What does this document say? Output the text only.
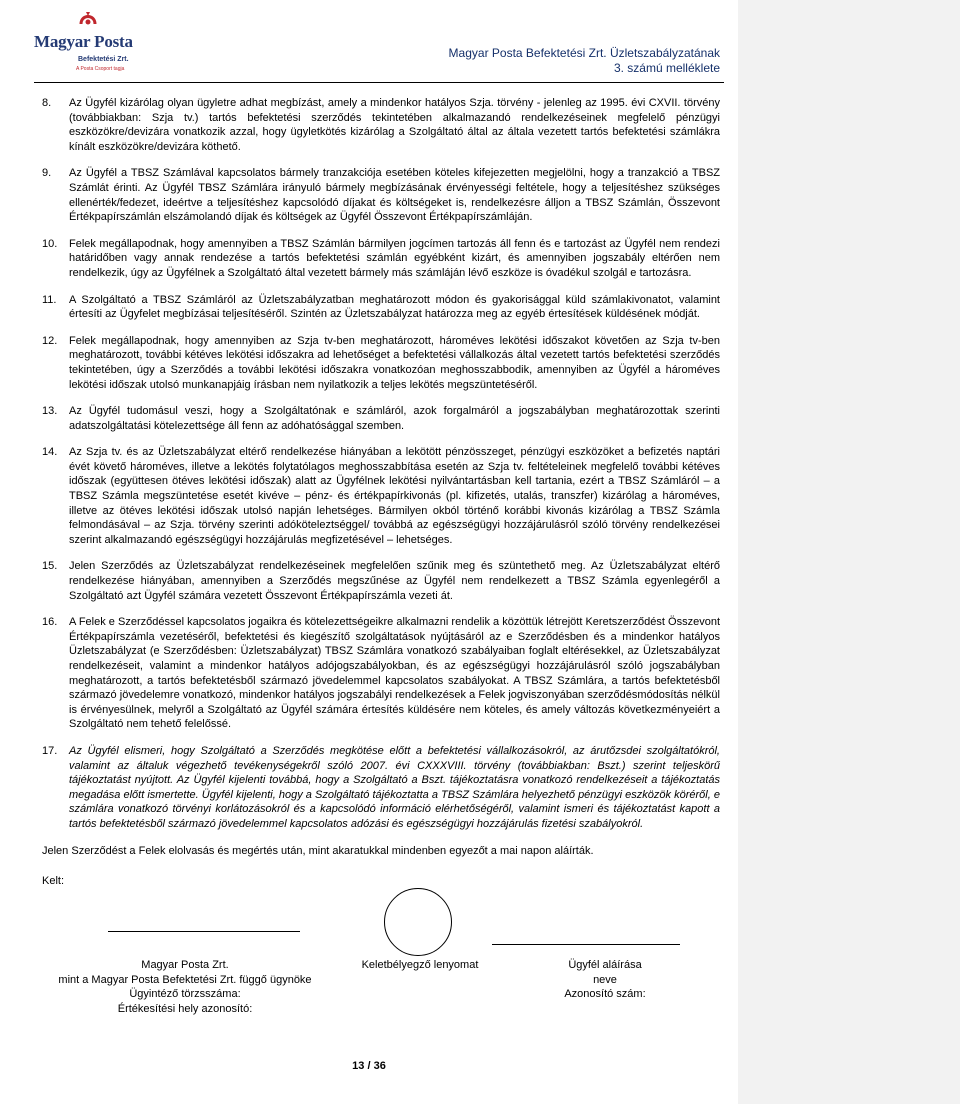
Magyar Posta
Befektetési Zrt.
A Posta Csoport tagja
Magyar Posta Befektetési Zrt. Üzletszabályzatának
3. számú melléklete
8. Az Ügyfél kizárólag olyan ügyletre adhat megbízást, amely a mindenkor hatályos Szja. törvény - jelenleg az 1995. évi CXVII. törvény (továbbiakban: Szja tv.) tartós befektetési szerződés tekintetében alkalmazandó rendelkezéseinek megfelelő pénzügyi eszközökre/devizára vonatkozik azzal, hogy ügyletkötés kizárólag a Szolgáltató által az általa vezetett tartós befektetési számlákra kínált eszközökre/devizára köthető.
9. Az Ügyfél a TBSZ Számlával kapcsolatos bármely tranzakciója esetében köteles kifejezetten megjelölni, hogy a tranzakció a TBSZ Számlát érinti. Az Ügyfél TBSZ Számlára irányuló bármely megbízásának érvényességi feltétele, hogy a teljesítéshez szükséges ellenérték/fedezet, ideértve a teljesítéshez kapcsolódó díjakat és költségeket is, rendelkezésre álljon a TBSZ Számlán, Összevont Értékpapírszámlán elszámolandó díjak és költségek az Ügyfél Összevont Értékpapírszámláján.
10. Felek megállapodnak, hogy amennyiben a TBSZ Számlán bármilyen jogcímen tartozás áll fenn és e tartozást az Ügyfél nem rendezi határidőben vagy annak rendezése a tartós befektetési számlán egyébként kizárt, és amennyiben jogszabály eltérően nem rendelkezik, úgy az Ügyfélnek a Szolgáltató által vezetett bármely más számláján lévő eszköze is óvadékul szolgál e tartozásra.
11. A Szolgáltató a TBSZ Számláról az Üzletszabályzatban meghatározott módon és gyakorisággal küld számlakivonatot, valamint értesíti az Ügyfelet megbízásai teljesítéséről. Szintén az Üzletszabályzat határozza meg az egyéb értesítések küldésének módját.
12. Felek megállapodnak, hogy amennyiben az Szja tv-ben meghatározott, hároméves lekötési időszakot követően az Szja tv-ben meghatározott, további kétéves lekötési időszakra ad lehetőséget a befektetési vállalkozás által vezetett tartós befektetési szerződés tekintetében, úgy a Szerződés a további lekötési időszakra vonatkozóan meghosszabbodik, amennyiben az Ügyfél a hároméves lekötési időszak utolsó munkanapjáig írásban nem nyilatkozik a teljes lekötés megszüntetéséről.
13. Az Ügyfél tudomásul veszi, hogy a Szolgáltatónak e számláról, azok forgalmáról a jogszabályban meghatározottak szerinti adatszolgáltatási kötelezettsége áll fenn az adóhatósággal szemben.
14. Az Szja tv. és az Üzletszabályzat eltérő rendelkezése hiányában a lekötött pénzösszeget, pénzügyi eszközöket a befizetés naptári évét követő hároméves, illetve a lekötés folytatólagos meghosszabbítása esetén az Szja tv. feltételeinek megfelelő további kétéves időszak (együttesen ötéves lekötési időszak) alatt az Ügyfélnek lekötési nyilvántartásban kell tartania, ezért a TBSZ Számláról – a TBSZ Számla megszüntetése esetét kivéve – pénz- és értékpapírkivonás (pl. kifizetés, utalás, transzfer) kizárólag a hároméves, illetve az ötéves lekötési időszak utolsó napján lehetséges. Bármilyen okból történő korábbi kivonás kizárólag a TBSZ Számla felmondásával – az Szja. törvény szerinti adóköteleztséggel/ továbbá az egészségügyi hozzájárulásról szóló törvény rendelkezései szerint alkalmazandó egészségügyi hozzájárulás megfizetésével – lehetséges.
15. Jelen Szerződés az Üzletszabályzat rendelkezéseinek megfelelően szűnik meg és szüntethető meg. Az Üzletszabályzat eltérő rendelkezése hiányában, amennyiben a Szerződés megszűnése az Ügyfél nem rendelkezett a TBSZ Számla egyenlegéről a Szolgáltató azt Ügyfél számára vezetett Összevont Értékpapírszámla vezeti át.
16. A Felek e Szerződéssel kapcsolatos jogaikra és kötelezettségeikre alkalmazni rendelik a közöttük létrejött Keretszerződést Összevont Értékpapírszámla vezetéséről, befektetési és kiegészítő szolgáltatások nyújtásáról az e Szerződésben és a mindenkor hatályos Üzletszabályzat (e Szerződésben: Üzletszabályzat) TBSZ Számlára vonatkozó szabályaiban foglalt eltérésekkel, az Üzletszabályzat rendelkezéseit, valamint a mindenkor hatályos adójogszabályokban, és az egészségügyi hozzájárulásról szóló jogszabályban meghatározott, a tartós befektetésből származó jövedelemmel kapcsolatos szabályokat. A TBSZ Számlára, a tartós befektetésből származó jövedelemre vonatkozó, mindenkor hatályos jogszabályi rendelkezések a Felek jogviszonyában szerződésmódosítás nélkül is érvényesülnek, melyről a Szolgáltató az Ügyfél számára értesítés küldésére nem köteles, és amely változás következményeiért a Szolgáltató nem tehető felelőssé.
17. Az Ügyfél elismeri, hogy Szolgáltató a Szerződés megkötése előtt a befektetési vállalkozásokról, az árutőzsdei szolgáltatókról, valamint az általuk végezhető tevékenységekről szóló 2007. évi CXXXVIII. törvény (továbbiakban: Bszt.) szerint teljeskörű tájékoztatást nyújtott. Az Ügyfél kijelenti továbbá, hogy a Szolgáltató a Bszt. tájékoztatásra vonatkozó rendelkezéseit a tájékoztatás megadása előtt ismertette. Ügyfél kijelenti, hogy a Szolgáltató tájékoztatta a TBSZ Számlára helyezhető pénzügyi eszközök köréről, e számlára vonatkozó törvényi korlátozásokról és a kapcsolódó információ elérhetőségéről, valamint ismeri és tájékoztatást kapott a tartós befektetésből származó jövedelemmel kapcsolatos adózási és egészségügyi hozzájárulás fizetési szabályokról.
Jelen Szerződést a Felek elolvasás és megértés után, mint akaratukkal mindenben egyezőt a mai napon aláírták.
Kelt:
Magyar Posta Zrt.
mint a Magyar Posta Befektetési Zrt. függő ügynöke
Ügyintéző törzsszáma:
Értékesítési hely azonosító:
Keletbélyegző lenyomat	Ügyfél aláírása
neve
Azonosító szám:
13 / 36
